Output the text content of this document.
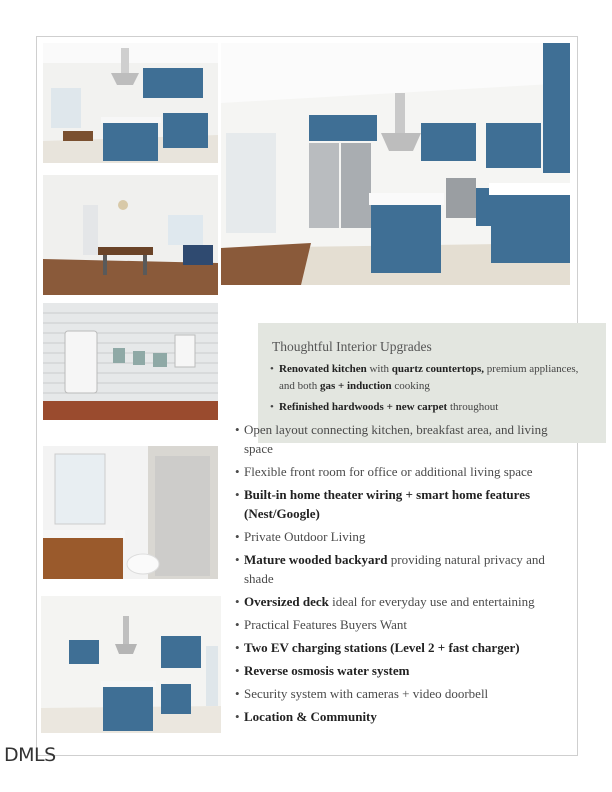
Thoughtful Interior Upgrades
• Renovated kitchen with quartz countertops, premium appliances, and both gas + induction cooking
• Refinished hardwoods + new carpet throughout
• Open layout connecting kitchen, breakfast area, and living space
• Flexible front room for office or additional living space
• Built-in home theater wiring + smart home features (Nest/Google)
• Private Outdoor Living
• Mature wooded backyard providing natural privacy and shade
• Oversized deck ideal for everyday use and entertaining
• Practical Features Buyers Want
• Two EV charging stations (Level 2 + fast charger)
• Reverse osmosis water system
• Security system with cameras + video doorbell
• Location & Community
DMLS
